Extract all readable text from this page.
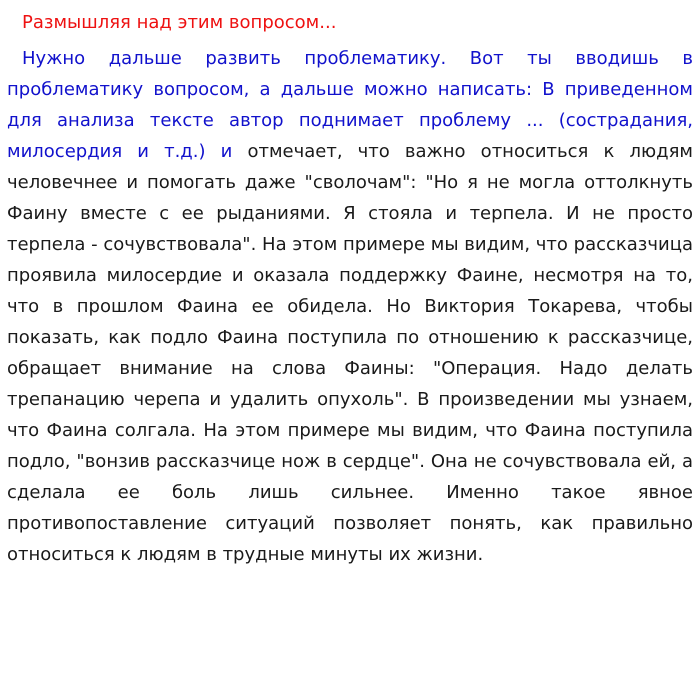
Размышляя над этим вопросом...

Нужно дальше развить проблематику. Вот ты вводишь в проблематику вопросом, а дальше можно написать: В приведенном для анализа тексте автор поднимает проблему ... (сострадания, милосердия и т.д.) и отмечает, что важно относиться к людям человечнее и помогать даже "сволочам": "Но я не могла оттолкнуть Фаину вместе с ее рыданиями. Я стояла и терпела. И не просто терпела - сочувствовала". На этом примере мы видим, что рассказчица проявила милосердие и оказала поддержку Фаине, несмотря на то, что в прошлом Фаина ее обидела. Но Виктория Токарева, чтобы показать, как подло Фаина поступила по отношению к рассказчице, обращает внимание на слова Фаины: "Операция. Надо делать трепанацию черепа и удалить опухоль". В произведении мы узнаем, что Фаина солгала. На этом примере мы видим, что Фаина поступила подло, "вонзив рассказчице нож в сердце". Она не сочувствовала ей, а сделала ее боль лишь сильнее. Именно такое явное противопоставление ситуаций позволяет понять, как правильно относиться к людям в трудные минуты их жизни.
